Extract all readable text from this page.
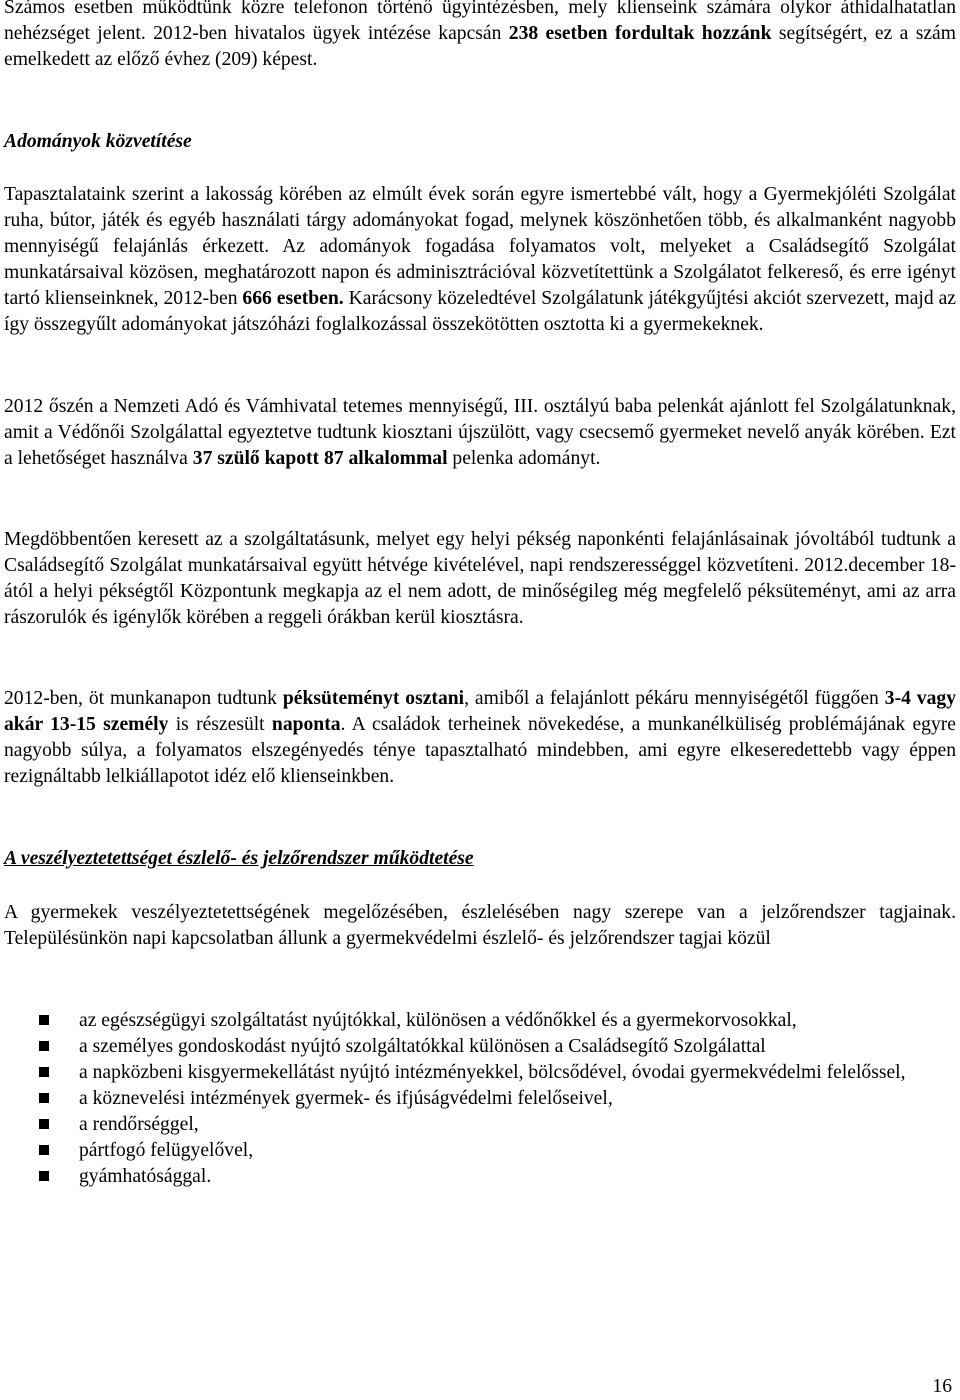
Számos esetben működtünk közre telefonon történő ügyintézésben, mely klienseink számára olykor áthidalhatatlan nehézséget jelent. 2012-ben hivatalos ügyek intézése kapcsán 238 esetben fordultak hozzánk segítségért, ez a szám emelkedett az előző évhez (209) képest.

Adományok közvetítése

Tapasztalataink szerint a lakosság körében az elmúlt évek során egyre ismertebbé vált, hogy a Gyermekjóléti Szolgálat ruha, bútor, játék és egyéb használati tárgy adományokat fogad, melynek köszönhetően több, és alkalmanként nagyobb mennyiségű felajánlás érkezett. Az adományok fogadása folyamatos volt, melyeket a Családsegítő Szolgálat munkatársaival közösen, meghatározott napon és adminisztrációval közvetítettünk a Szolgálatot felkereső, és erre igényt tartó klienseinknek, 2012-ben 666 esetben. Karácsony közeledtével Szolgálatunk játékgyűjtési akciót szervezett, majd az így összegyűlt adományokat játszóházi foglalkozással összekötötten osztotta ki a gyermekeknek.

2012 őszén a Nemzeti Adó és Vámhivatal tetemes mennyiségű, III. osztályú baba pelenkát ajánlott fel Szolgálatunknak, amit a Védőnői Szolgálattal egyeztetve tudtunk kiosztani újszülött, vagy csecsemő gyermeket nevelő anyák körében. Ezt a lehetőséget használva 37 szülő kapott 87 alkalommal pelenka adományt.

Megdöbbentően keresett az a szolgáltatásunk, melyet egy helyi pékség naponkénti felajánlásainak jóvoltából tudtunk a Családsegítő Szolgálat munkatársaival együtt hétvége kivételével, napi rendszerességgel közvetíteni. 2012.december 18-ától a helyi pékségtől Központunk megkapja az el nem adott, de minőségileg még megfelelő péksüteményt, ami az arra rászorulók és igénylők körében a reggeli órákban kerül kiosztásra.

2012-ben, öt munkanapon tudtunk péksüteményt osztani, amiből a felajánlott pékáru mennyiségétől függően 3-4 vagy akár 13-15 személy is részesült naponta. A családok terheinek növekedése, a munkanélküliség problémájának egyre nagyobb súlya, a folyamatos elszegényedés ténye tapasztalható mindebben, ami egyre elkeseredettebb vagy éppen rezignáltabb lelkiállapotot idéz elő klienseinkben.

A veszélyeztetettséget észlelő- és jelzőrendszer működtetése

A gyermekek veszélyeztetettségének megelőzésében, észlelésében nagy szerepe van a jelzőrendszer tagjainak. Településünkön napi kapcsolatban állunk a gyermekvédelmi észlelő- és jelzőrendszer tagjai közül

az egészségügyi szolgáltatást nyújtókkal, különösen a védőnőkkel és a gyermekorvosokkal,
a személyes gondoskodást nyújtó szolgáltatókkal különösen a Családsegítő Szolgálattal
a napközbeni kisgyermekellátást nyújtó intézményekkel, bölcsődével, óvodai gyermekvédelmi felelőssel,
a köznevelési intézmények gyermek- és ifjúságvédelmi felelőseivel,
a rendőrséggel,
pártfogó felügyelővel,
gyámhatósággal.
16
